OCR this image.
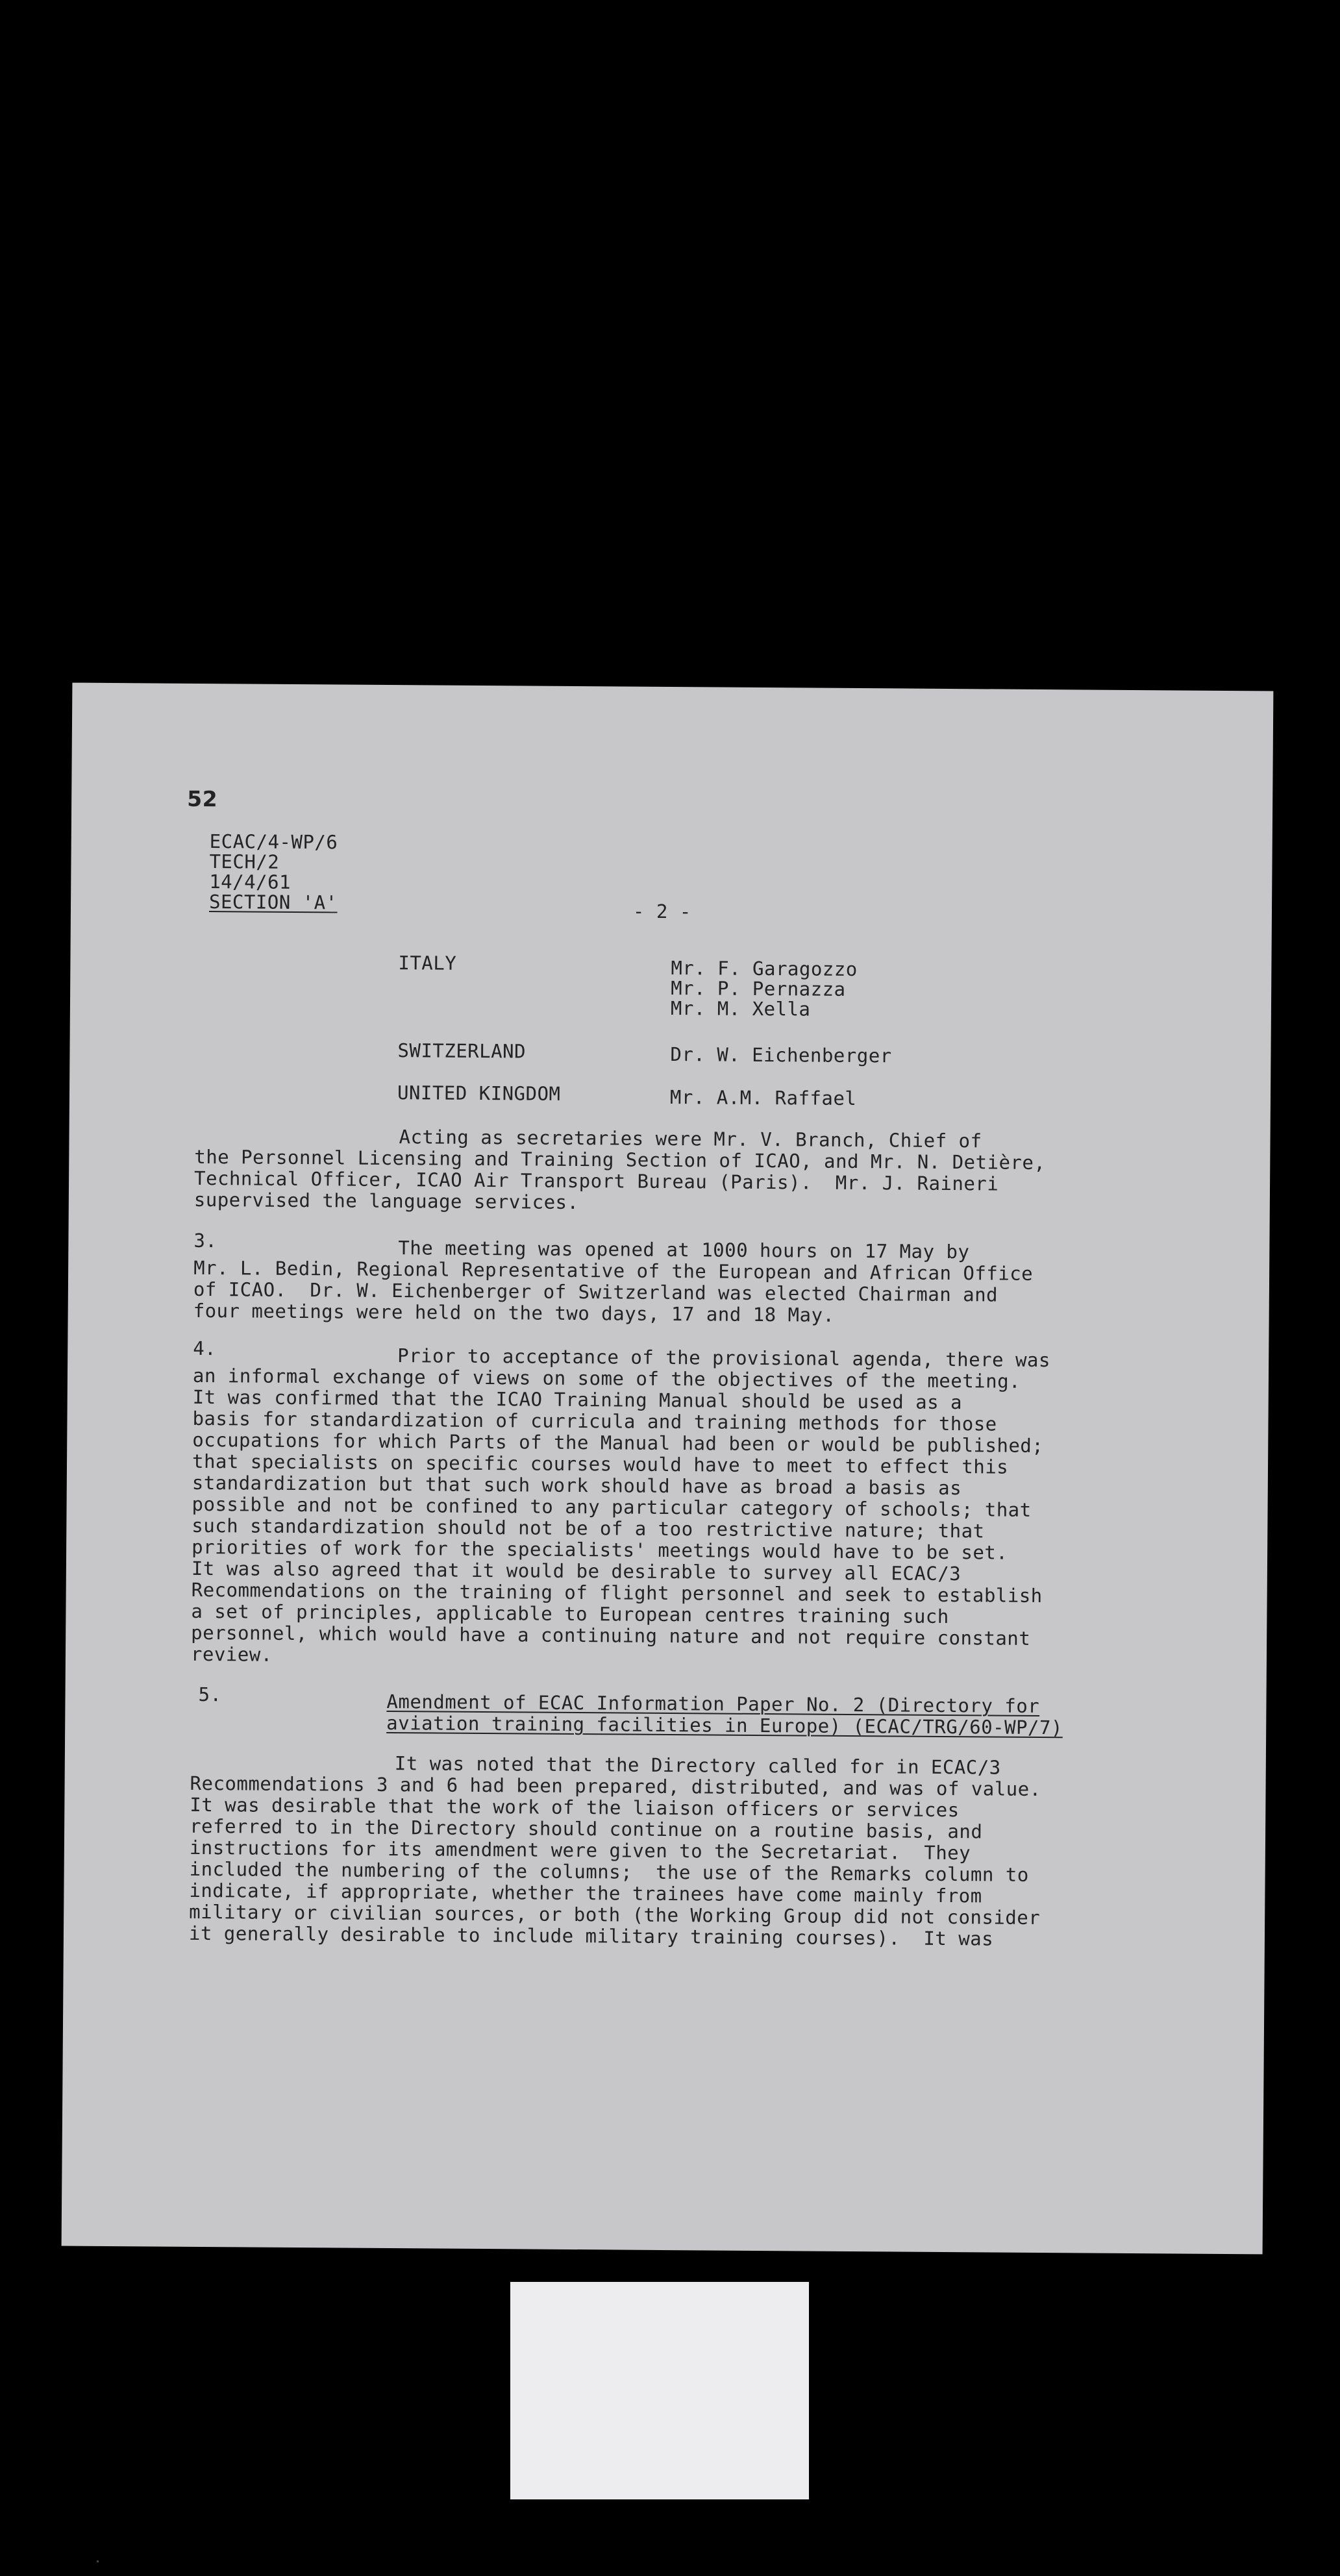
52
ECAC/4-WP/6
TECH/2
14/4/61
SECTION 'A'	- 2 -
ITALY	Mr. F. Garagozzo
Mr. P. Pernazza
Mr. M. Xella
SWITZERLAND	Dr. W. Eichenberger
UNITED KINGDOM	Mr. A.M. Raffael
Acting as secretaries were Mr. V. Branch, Chief of
the Personnel Licensing and Training Section of ICAO, and Mr. N. Detière,
Technical Officer, ICAO Air Transport Bureau (Paris).  Mr. J. Raineri
supervised the language services.
3.	The meeting was opened at 1000 hours on 17 May by
Mr. L. Bedin, Regional Representative of the European and African Office
of ICAO.  Dr. W. Eichenberger of Switzerland was elected Chairman and
four meetings were held on the two days, 17 and 18 May.
4.	Prior to acceptance of the provisional agenda, there was
an informal exchange of views on some of the objectives of the meeting.
It was confirmed that the ICAO Training Manual should be used as a
basis for standardization of curricula and training methods for those
occupations for which Parts of the Manual had been or would be published;
that specialists on specific courses would have to meet to effect this
standardization but that such work should have as broad a basis as
possible and not be confined to any particular category of schools; that
such standardization should not be of a too restrictive nature; that
priorities of work for the specialists' meetings would have to be set.
It was also agreed that it would be desirable to survey all ECAC/3
Recommendations on the training of flight personnel and seek to establish
a set of principles, applicable to European centres training such
personnel, which would have a continuing nature and not require constant
review.
5.	Amendment of ECAC Information Paper No. 2 (Directory for
aviation training facilities in Europe) (ECAC/TRG/60-WP/7)
It was noted that the Directory called for in ECAC/3
Recommendations 3 and 6 had been prepared, distributed, and was of value.
It was desirable that the work of the liaison officers or services
referred to in the Directory should continue on a routine basis, and
instructions for its amendment were given to the Secretariat.  They
included the numbering of the columns;  the use of the Remarks column to
indicate, if appropriate, whether the trainees have come mainly from
military or civilian sources, or both (the Working Group did not consider
it generally desirable to include military training courses).  It was
